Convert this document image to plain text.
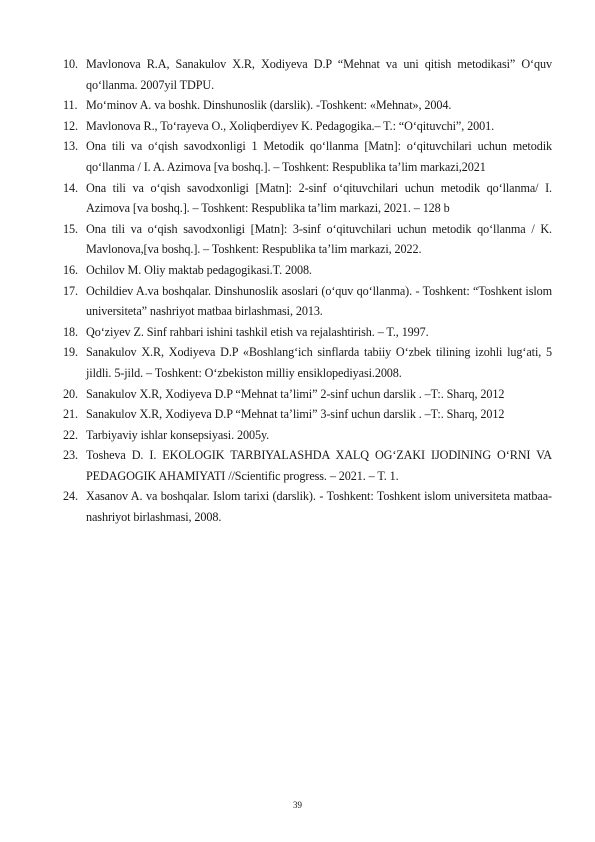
10. Mavlonova R.A, Sanakulov X.R, Xodiyeva D.P “Mehnat va uni qitish metodikasi” O‘quv qo‘llanma. 2007yil TDPU.
11. Mo‘minov A. va boshk. Dinshunoslik (darslik). -Toshkent: «Mehnat», 2004.
12. Mavlonova R., To‘rayeva O., Xoliqberdiyev K. Pedagogika.– T.: “O‘qituvchi”, 2001.
13. Ona tili va o‘qish savodxonligi 1 Metodik qo‘llanma [Matn]: o‘qituvchilari uchun metodik qo‘llanma / I. A. Azimova [va boshq.]. – Toshkent: Respublika ta’lim markazi,2021
14. Ona tili va o‘qish savodxonligi [Matn]: 2-sinf o‘qituvchilari uchun metodik qo‘llanma/ I. Azimova [va boshq.]. – Toshkent: Respublika ta’lim markazi, 2021. – 128 b
15. Ona tili va o‘qish savodxonligi [Matn]: 3-sinf o‘qituvchilari uchun metodik qo‘llanma / K. Mavlonova,[va boshq.]. – Toshkent: Respublika ta’lim markazi, 2022.
16. Ochilov M. Oliy maktab pedagogikasi.T. 2008.
17. Ochildiev A.va boshqalar. Dinshunoslik asoslari (o‘quv qo‘llanma). - Toshkent: “Toshkent islom universiteta” nashriyot matbaa birlashmasi, 2013.
18. Qo‘ziyev Z. Sinf rahbari ishini tashkil etish va rejalashtirish. – T., 1997.
19. Sanakulov X.R, Xodiyeva D.P «Boshlang‘ich sinflarda tabiiy O‘zbek tilining izohli lug‘ati, 5 jildli. 5-jild. – Toshkent: O‘zbekiston milliy ensiklopediyasi.2008.
20. Sanakulov X.R, Xodiyeva D.P “Mehnat ta’limi” 2-sinf uchun darslik . –T:. Sharq, 2012
21. Sanakulov X.R, Xodiyeva D.P “Mehnat ta’limi” 3-sinf uchun darslik . –T:. Sharq, 2012
22. Tarbiyaviy ishlar konsepsiyasi. 2005y.
23. Tosheva D. I. EKOLOGIK TARBIYALASHDA XALQ OG‘ZAKI IJODINING O‘RNI VA PEDAGOGIK AHAMIYATI //Scientific progress. – 2021. – T. 1.
24. Xasanov A. va boshqalar. Islom tarixi (darslik). - Toshkent: Toshkent islom universiteta matbaa-nashriyot birlashmasi, 2008.
39
